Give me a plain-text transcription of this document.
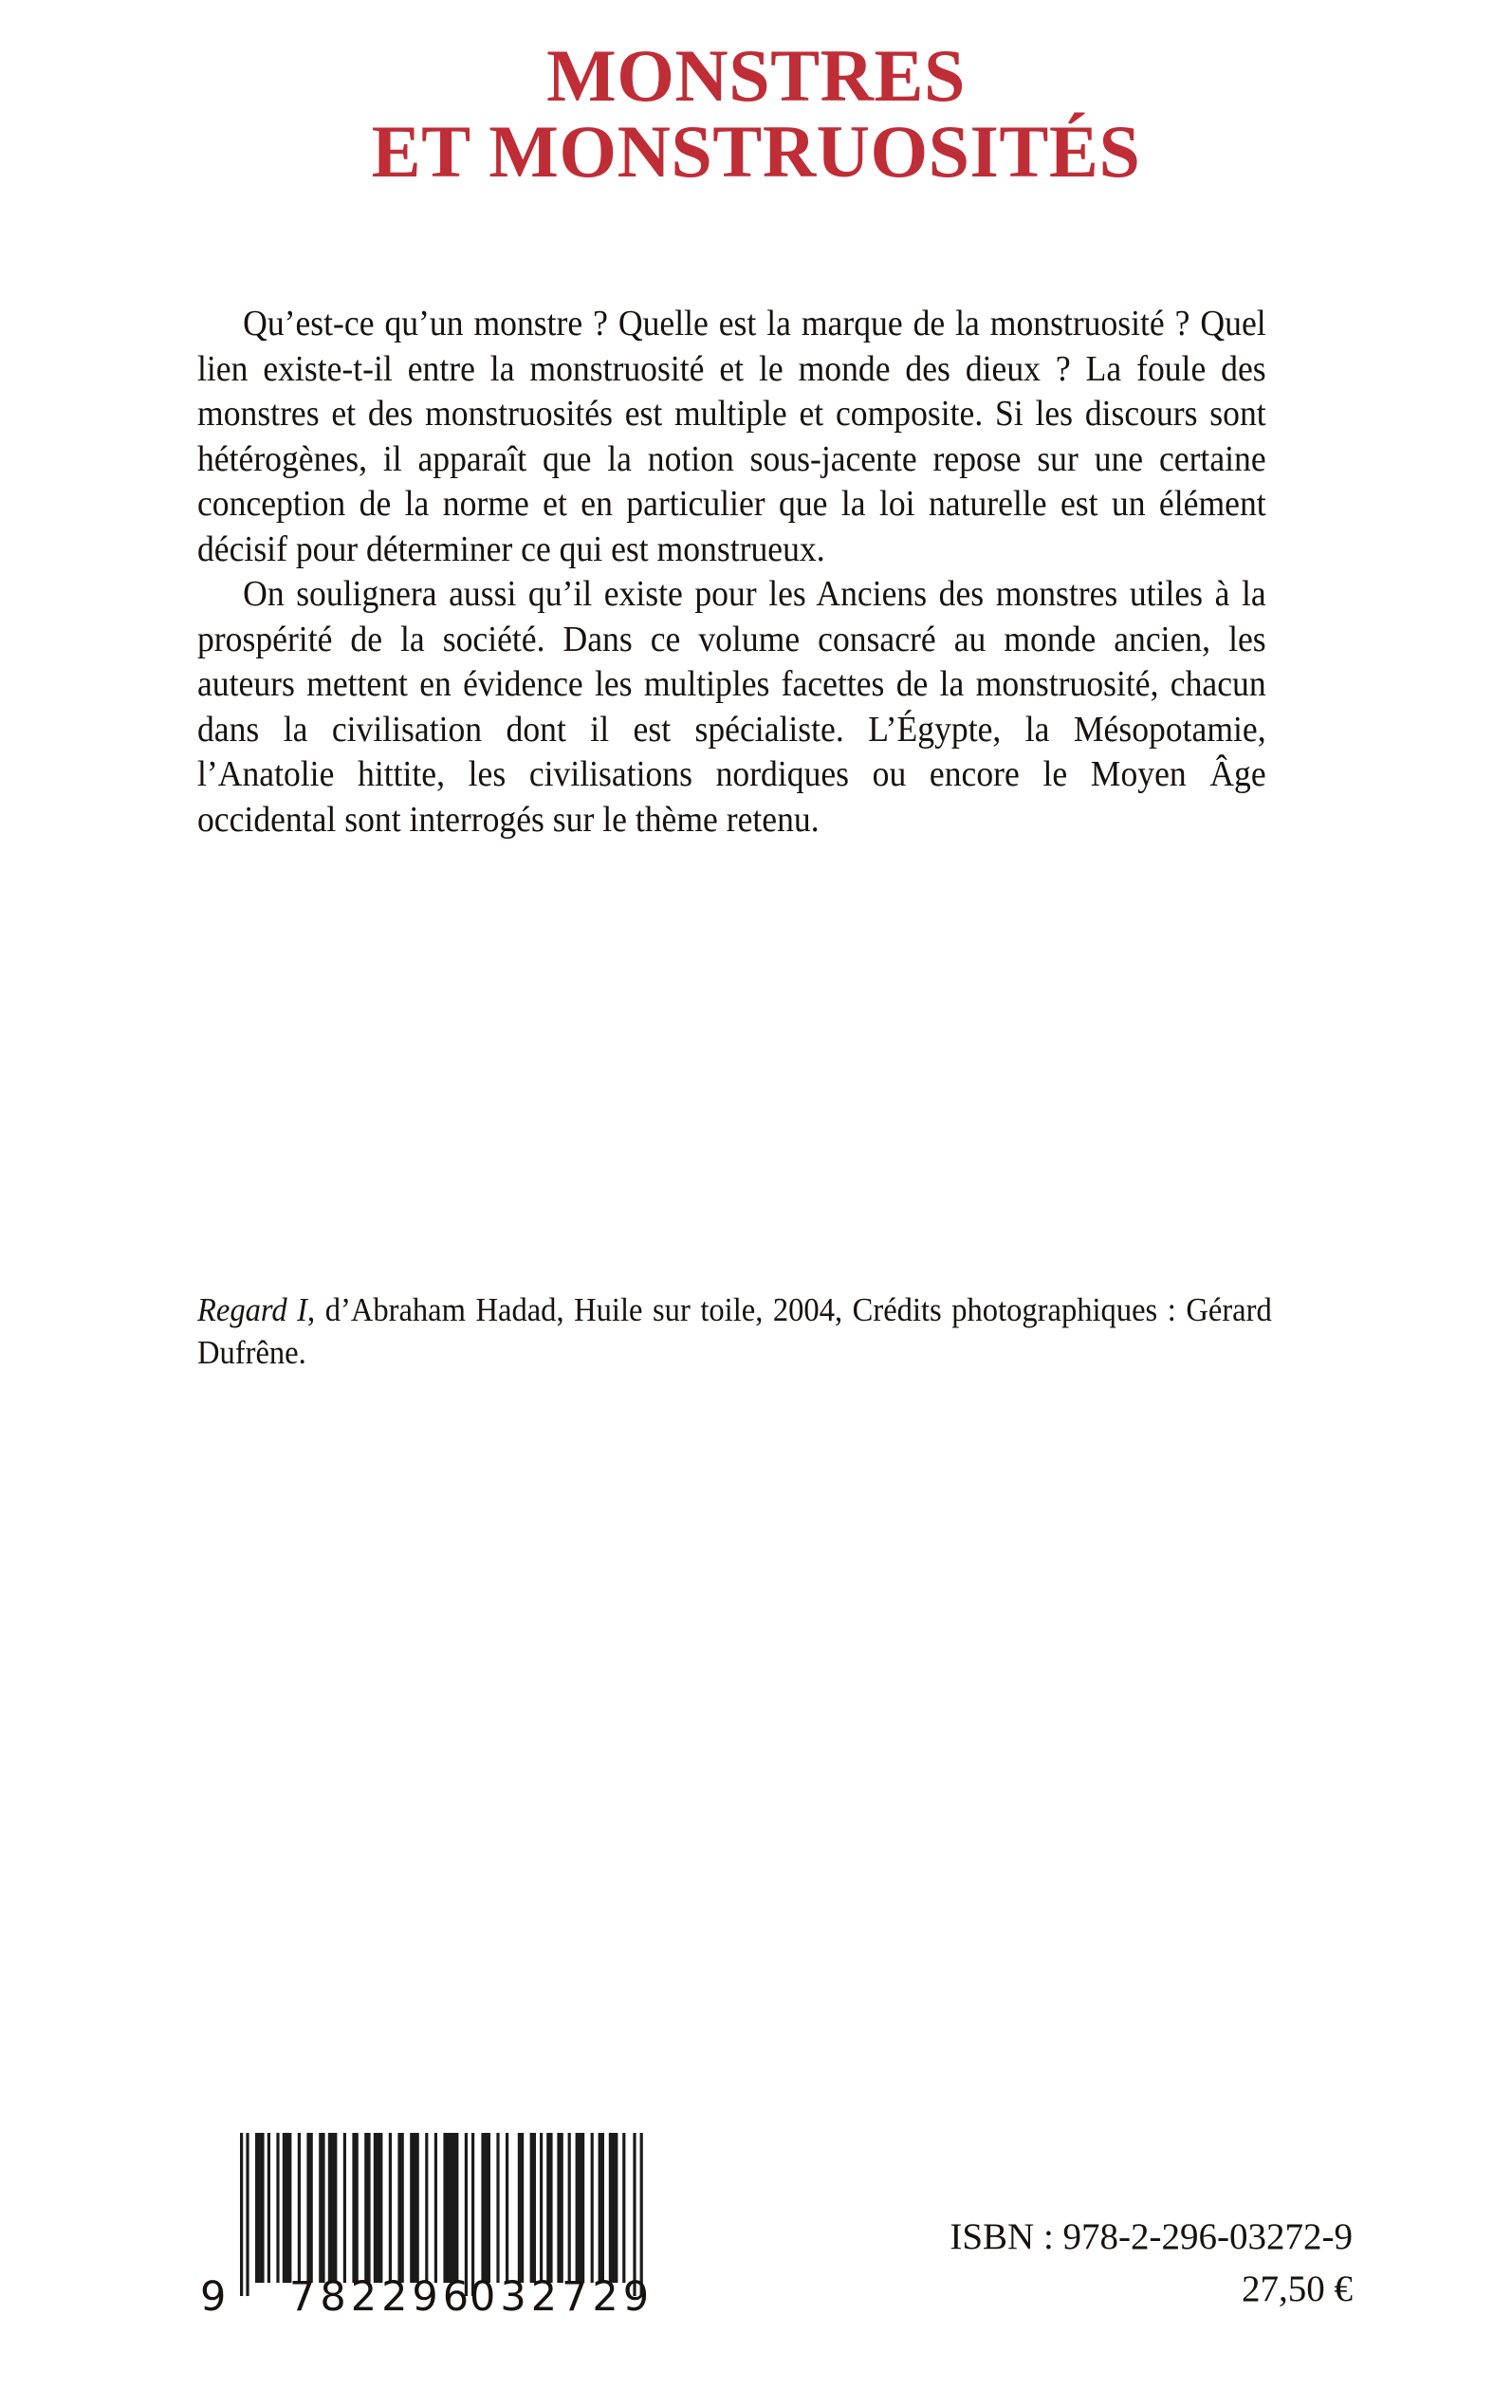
MONSTRES
ET MONSTRUOSITÉS

Qu’est-ce qu’un monstre ? Quelle est la marque de la monstruosité ? Quel lien existe-t-il entre la monstruosité et le monde des dieux ? La foule des monstres et des monstruosités est multiple et composite. Si les discours sont hétérogènes, il apparaît que la notion sous-jacente repose sur une certaine conception de la norme et en particulier que la loi naturelle est un élément décisif pour déterminer ce qui est monstrueux.

On soulignera aussi qu’il existe pour les Anciens des monstres utiles à la prospérité de la société. Dans ce volume consacré au monde ancien, les auteurs mettent en évidence les multiples facettes de la monstruosité, chacun dans la civilisation dont il est spécialiste. L’Égypte, la Mésopotamie, l’Anatolie hittite, les civilisations nordiques ou encore le Moyen Âge occidental sont interrogés sur le thème retenu.

Regard I, d’Abraham Hadad, Huile sur toile, 2004, Crédits photographiques : Gérard Dufrêne.

9 782296
032729
ISBN : 978-2-296-03272-9
27,50 €
